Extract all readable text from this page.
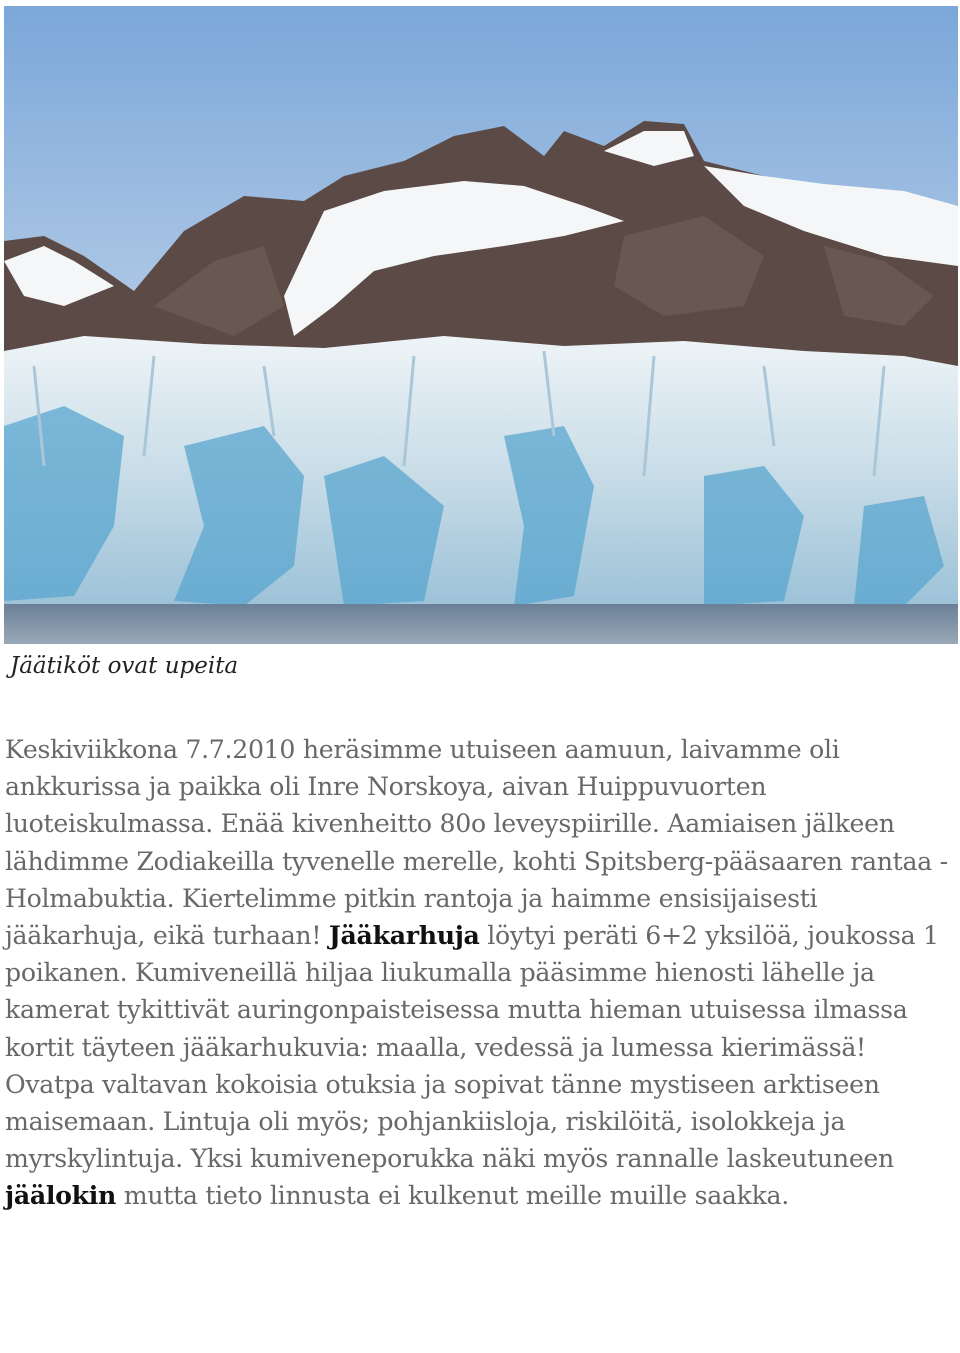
Jäätiköt ovat upeita

Keskiviikkona 7.7.2010 heräsimme utuiseen aamuun, laivamme oli ankkurissa ja paikka oli Inre Norskoya, aivan Huippuvuorten luoteiskulmassa. Enää kivenheitto 80o leveyspiirille. Aamiaisen jälkeen lähdimme Zodiakeilla tyvenelle merelle, kohti Spitsberg-pääsaaren rantaa - Holmabuktia. Kiertelimme pitkin rantoja ja haimme ensisijaisesti jääkarhuja, eikä turhaan! Jääkarhuja löytyi peräti 6+2 yksilöä, joukossa 1 poikanen. Kumiveneillä hiljaa liukumalla pääsimme hienosti lähelle ja kamerat tykittivät auringonpaisteisessa mutta hieman utuisessa ilmassa kortit täyteen jääkarhukuvia: maalla, vedessä ja lumessa kierimässä! Ovatpa valtavan kokoisia otuksia ja sopivat tänne mystiseen arktiseen maisemaan. Lintuja oli myös; pohjankiisloja, riskilöitä, isolokkeja ja myrskylintuja. Yksi kumiveneporukka näki myös rannalle laskeutuneen jäälokin mutta tieto linnusta ei kulkenut meille muille saakka.
